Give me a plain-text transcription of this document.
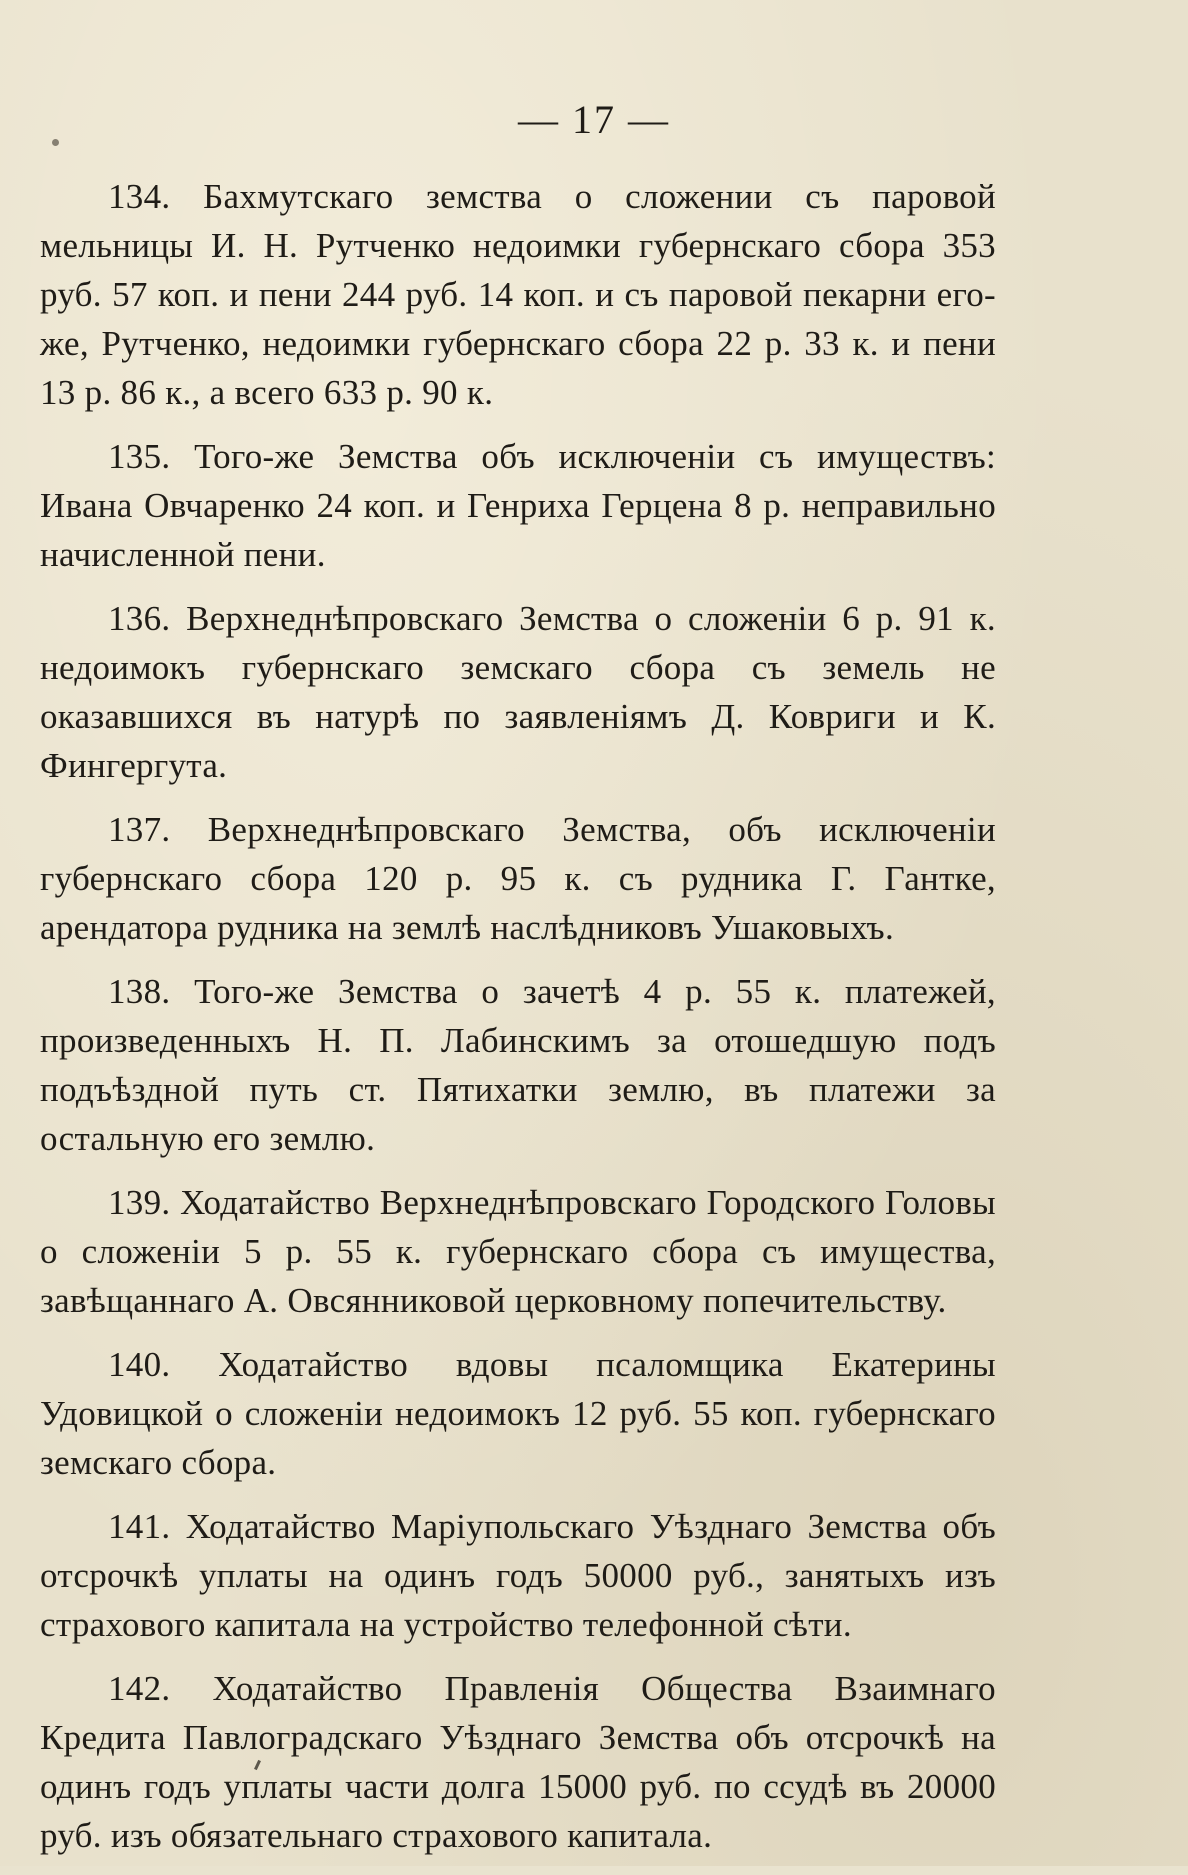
— 17 —

134. Бахмутскаго земства о сложении съ паровой мельницы И. Н. Рутченко недоимки губернскаго сбора 353 руб. 57 коп. и пени 244 руб. 14 коп. и съ паровой пекарни его-же, Рутченко, недоимки губернскаго сбора 22 р. 33 к. и пени 13 р. 86 к., а всего 633 р. 90 к.

135. Того-же Земства объ исключенiи съ имуществъ: Ивана Овчаренко 24 коп. и Генриха Герцена 8 р. неправильно начисленной пени.

136. Верхнеднѣпровскаго Земства о сложенiи 6 р. 91 к. недоимокъ губернскаго земскаго сбора съ земель не оказавшихся въ натурѣ по заявленiямъ Д. Ковриги и К. Фингергута.

137. Верхнеднѣпровскаго Земства, объ исключенiи губернскаго сбора 120 р. 95 к. съ рудника Г. Гантке, арендатора рудника на землѣ наслѣдниковъ Ушаковыхъ.

138. Того-же Земства о зачетѣ 4 р. 55 к. платежей, произведенныхъ Н. П. Лабинскимъ за отошедшую подъ подъѣздной путь ст. Пятихатки землю, въ платежи за остальную его землю.

139. Ходатайство Верхнеднѣпровскаго Городского Головы о сложенiи 5 р. 55 к. губернскаго сбора съ имущества, завѣщаннаго А. Овсянниковой церковному попечительству.

140. Ходатайство вдовы псаломщика Екатерины Удовицкой о сложенiи недоимокъ 12 руб. 55 коп. губернскаго земскаго сбора.

141. Ходатайство Марiупольскаго Уѣзднаго Земства объ отсрочкѣ уплаты на одинъ годъ 50000 руб., занятыхъ изъ страхового капитала на устройство телефонной сѣти.

142. Ходатайство Правленiя Общества Взаимнаго Кредита Павлоградскаго Уѣзднаго Земства объ отсрочкѣ на одинъ годъ уплаты части долга 15000 руб. по ссудѣ въ 20000 руб. изъ обязательнаго страхового капитала.
